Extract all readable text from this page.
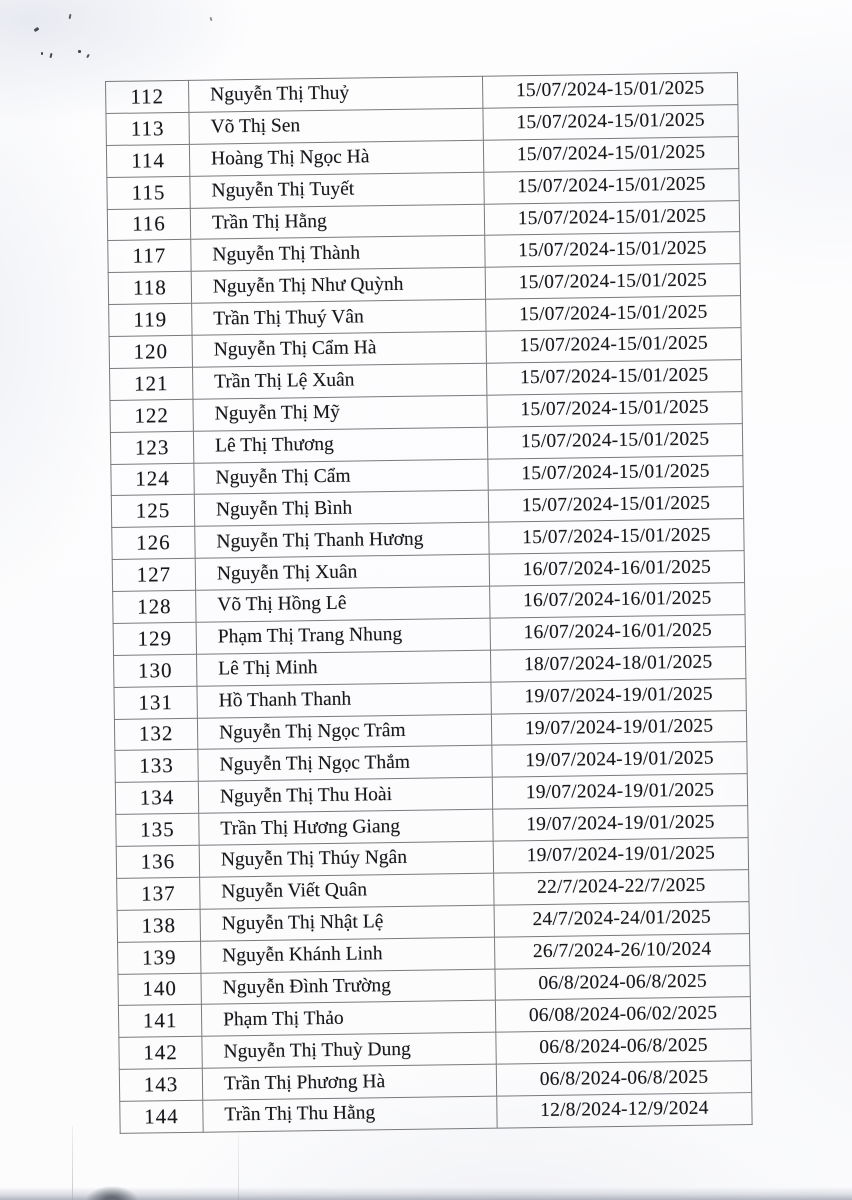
112	Nguyễn Thị Thuỷ	15/07/2024-15/01/2025
113	Võ Thị Sen	15/07/2024-15/01/2025
114	Hoàng Thị Ngọc Hà	15/07/2024-15/01/2025
115	Nguyễn Thị Tuyết	15/07/2024-15/01/2025
116	Trần Thị Hằng	15/07/2024-15/01/2025
117	Nguyễn Thị Thành	15/07/2024-15/01/2025
118	Nguyễn Thị Như Quỳnh	15/07/2024-15/01/2025
119	Trần Thị Thuý Vân	15/07/2024-15/01/2025
120	Nguyễn Thị Cẩm Hà	15/07/2024-15/01/2025
121	Trần Thị Lệ Xuân	15/07/2024-15/01/2025
122	Nguyễn Thị Mỹ	15/07/2024-15/01/2025
123	Lê Thị Thương	15/07/2024-15/01/2025
124	Nguyễn Thị Cẩm	15/07/2024-15/01/2025
125	Nguyễn Thị Bình	15/07/2024-15/01/2025
126	Nguyễn Thị Thanh Hương	15/07/2024-15/01/2025
127	Nguyễn Thị Xuân	16/07/2024-16/01/2025
128	Võ Thị Hồng Lê	16/07/2024-16/01/2025
129	Phạm Thị Trang Nhung	16/07/2024-16/01/2025
130	Lê Thị Minh	18/07/2024-18/01/2025
131	Hồ Thanh Thanh	19/07/2024-19/01/2025
132	Nguyễn Thị Ngọc Trâm	19/07/2024-19/01/2025
133	Nguyễn Thị Ngọc Thắm	19/07/2024-19/01/2025
134	Nguyễn Thị Thu Hoài	19/07/2024-19/01/2025
135	Trần Thị Hương Giang	19/07/2024-19/01/2025
136	Nguyễn Thị Thúy Ngân	19/07/2024-19/01/2025
137	Nguyễn Viết Quân	22/7/2024-22/7/2025
138	Nguyễn Thị Nhật Lệ	24/7/2024-24/01/2025
139	Nguyễn Khánh Linh	26/7/2024-26/10/2024
140	Nguyễn Đình Trường	06/8/2024-06/8/2025
141	Phạm Thị Thảo	06/08/2024-06/02/2025
142	Nguyễn Thị Thuỳ Dung	06/8/2024-06/8/2025
143	Trần Thị Phương Hà	06/8/2024-06/8/2025
144	Trần Thị Thu Hằng	12/8/2024-12/9/2024
